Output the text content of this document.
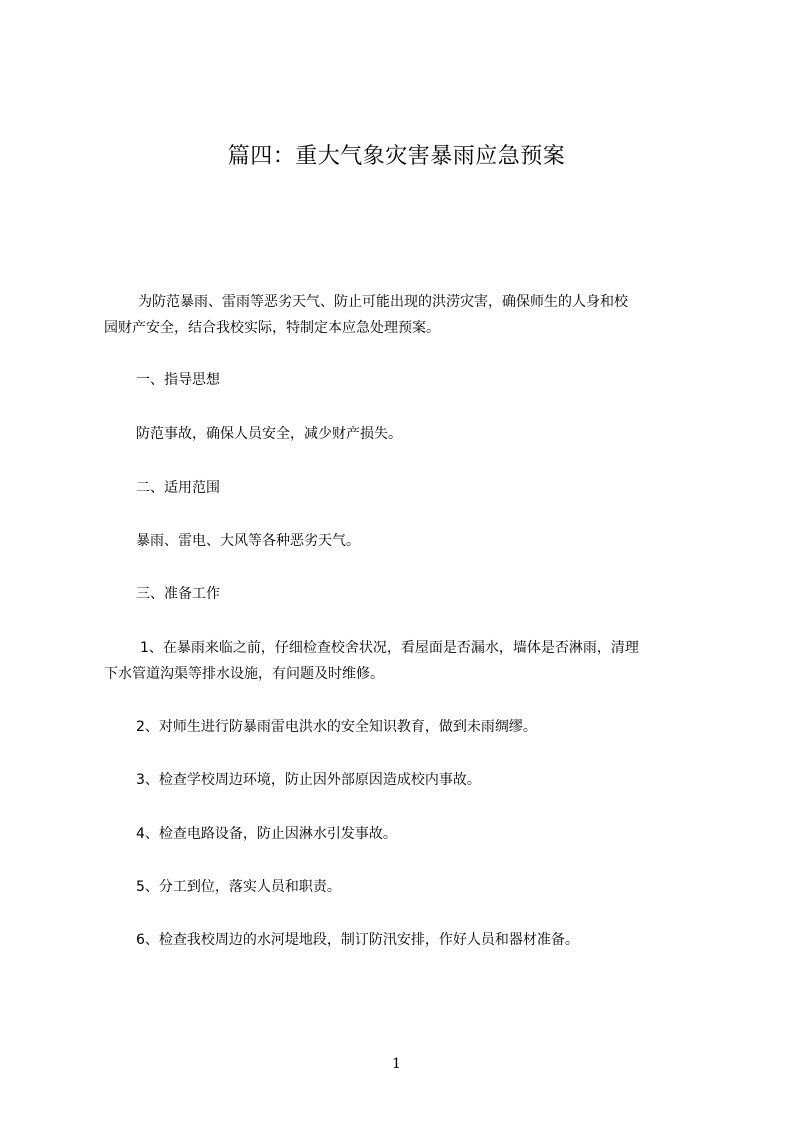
篇四：重大气象灾害暴雨应急预案
为防范暴雨、雷雨等恶劣天气、防止可能出现的洪涝灾害，确保师生的人身和校
园财产安全，结合我校实际，特制定本应急处理预案。
一、指导思想
防范事故，确保人员安全，减少财产损失。
二、适用范围
暴雨、雷电、大风等各种恶劣天气。
三、准备工作
1、在暴雨来临之前，仔细检查校舍状况，看屋面是否漏水，墙体是否淋雨，清理
下水管道沟渠等排水设施，有问题及时维修。
2、对师生进行防暴雨雷电洪水的安全知识教育，做到未雨绸缪。
3、检查学校周边环境，防止因外部原因造成校内事故。
4、检查电路设备，防止因淋水引发事故。
5、分工到位，落实人员和职责。
6、检查我校周边的水河堤地段，制订防汛安排，作好人员和器材准备。
1
